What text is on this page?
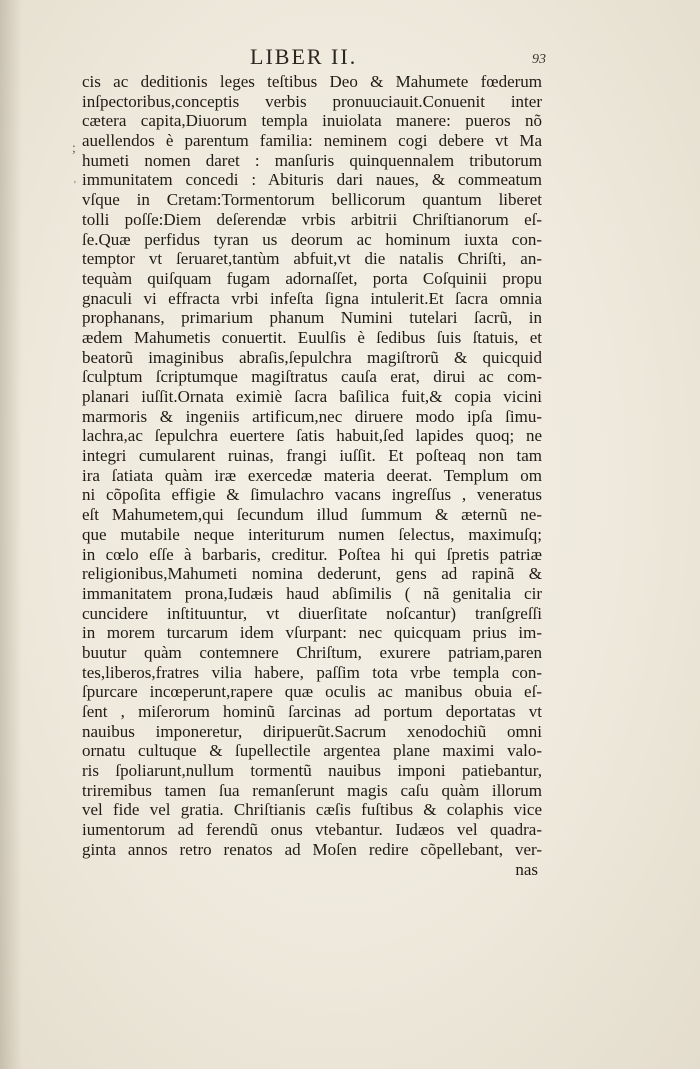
LIBER II.	93
;
'
cis ac deditionis leges teſtibus Deo & Mahumete fœderum
inſpectoribus,conceptis verbis pronuuciauit.Conuenit inter
cætera capita,Diuorum templa inuiolata manere: pueros nõ
auellendos è parentum familia: neminem cogi debere vt Ma
humeti nomen daret : manſuris quinquennalem tributorum
immunitatem concedi : Abituris dari naues, & commeatum
vſque in Cretam:Tormentorum bellicorum quantum liberet
tolli poſſe:Diem deſerendæ vrbis arbitrii Chriſtianorum eſ-
ſe.Quæ perfidus tyran us deorum ac hominum iuxta con-
temptor vt ſeruaret,tantùm abfuit,vt die natalis Chriſti, an-
tequàm quiſquam fugam adornaſſet, porta Coſquinii propu
gnaculi vi effracta vrbi infeſta ſigna intulerit.Et ſacra omnia
prophanans, primarium phanum Numini tutelari ſacrũ, in
ædem Mahumetis conuertit. Euulſis è ſedibus ſuis ſtatuis, et
beatorũ imaginibus abraſis,ſepulchra magiſtrorũ & quicquid
ſculptum ſcriptumque magiſtratus cauſa erat, dirui ac com-
planari iuſſit.Ornata eximiè ſacra baſilica fuit,& copia vicini
marmoris & ingeniis artificum,nec diruere modo ipſa ſimu-
lachra,ac ſepulchra euertere ſatis habuit,ſed lapides quoq; ne
integri cumularent ruinas, frangi iuſſit. Et poſteaq non tam
ira ſatiata quàm iræ exercedæ materia deerat. Templum om
ni cõpoſita effigie & ſimulachro vacans ingreſſus , veneratus
eſt Mahumetem,qui ſecundum illud ſummum & æternũ ne-
que mutabile neque interiturum numen ſelectus, maximuſq;
in cœlo eſſe à barbaris, creditur. Poſtea hi qui ſpretis patriæ
religionibus,Mahumeti nomina dederunt, gens ad rapinã &
immanitatem prona,Iudæis haud abſimilis ( nã genitalia cir
cuncidere inſtituuntur, vt diuerſitate noſcantur) tranſgreſſi
in morem turcarum idem vſurpant: nec quicquam prius im-
buutur quàm contemnere Chriſtum, exurere patriam,paren
tes,liberos,fratres vilia habere, paſſim tota vrbe templa con-
ſpurcare incœperunt,rapere quæ oculis ac manibus obuia eſ-
ſent , miſerorum hominũ ſarcinas ad portum deportatas vt
nauibus imponeretur, diripuerũt.Sacrum xenodochiũ omni
ornatu cultuque & ſupellectile argentea plane maximi valo-
ris ſpoliarunt,nullum tormentũ nauibus imponi patiebantur,
triremibus tamen ſua remanſerunt magis caſu quàm illorum
vel fide vel gratia. Chriſtianis cæſis fuſtibus & colaphis vice
iumentorum ad ferendũ onus vtebantur. Iudæos vel quadra-
ginta annos retro renatos ad Moſen redire cõpellebant, ver-
nas
